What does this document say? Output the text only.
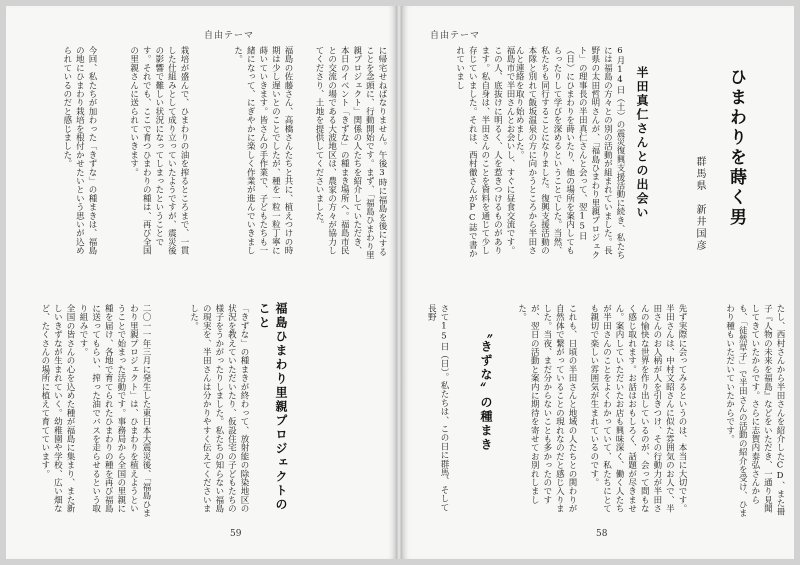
自由テーマ
に帰宅せねばなりません。午後3時に福島を後にすることを念頭に、行動開始です。まず、「福島ひまわり里親プロジェクト」関係の人たちを紹介していただき、本日のイベント「きずな」の種まき場所へ。福島市民との交流の場である大波地区は、農家の方々が協力してくださり、土地を提供してくださいました。
福島の佐藤さん、高橋さんたちと共に、植えつけの時期は少し遅いとのことでしたが、種を一粒一粒丁寧に蒔いていきます。皆さんの手作業で、子どもたちも一緒になって、にぎやかに楽しく作業が進んでいきました。
栽培が盛んで、ひまわりの油を搾るところまで、一貫した仕組みとして成り立っていたようですが、震災後の影響で難しい状況になってしまったということです。それでも、ここで育つひまわりの種は、再び全国の里親さんに送られていきます。
今回、私たちが加わった「きずな」の種まきは、福島の地にひまわり栽培を根付かせたいという思いが込められているのだと感じました。
福島ひまわり里親プロジェクトのこと
「きずな」の種まきが終わって、放射能の除染地区の状況を教えていただいたり、仮設住宅の子どもたちの様子をうかがったりしました。私たちの知らない福島の現実を、半田さんは分かりやすく伝えてくださいました。
二〇一一年三月に発生した東日本大震災後、「福島ひまわり里親プロジェクト」は、ひまわりを植えようということで始まった活動です。事務局から全国の里親に種を届け、各地で育てられたひまわりの種を再び福島に送ってもらい、搾った油でバスを走らせるという取り組みです。
全国の皆さんの心を込めた種が福島に集まり、また新しいきずなが生まれていく。幼稚園や学校、広い畑など、たくさんの場所に植えて育てています。
59
自由テーマ
ひまわりを蒔く男
群馬県　新井国彦
半田真仁さんとの出会い
6月14日（土）の震災復興支援活動に続き、私たちには福島の方々との別の活動が組まれていました。長野県の太田哲明さんが、「福島ひまわり里親プロジェクト」の理事長の半田真仁さんと会って、翌15日（日）にひまわりを蒔いたり、他の場所を案内してもらったりして学びを深めるということでした。当然、私たちも同行することになりました。復興支援活動の本隊と別れて飯坂温泉の方に向かうところから半田さんと連絡を取り始めました。
福島市で半田さんとお会いし、すぐに昼食交流です。この人、底抜けに明るく、人を惹きつけるものがあります。私自身は、半田さんのことを資料を通じて少し存じていました。それは、西村徹さんがPC誌で書かれていまし
たし、西村さんから半田さんを紹介したCD、また冊子『人物の未来を福島』などをいただき、一通り見聞してきていたからです。さらに志賀内泰弘さんからも、「徒然草子」で半田さんの活動の紹介を受け、ひまわり種もいただいていたからです。
先ず実際に会ってみるというのは、本当に大切です。半田さんは、中村文昭さんに似た雰囲気のお人で、半田さんのお人柄が人を引きつけ、その行動力が半田さんの愉快な世界を作り出しているのが、会って間もなく感じ取れます。お話はおもしろく、話題が尽きません。案内していただいたお店も興味深く、働く人たちが半田さんのことをよくわかっていて、私たちにとても親切で楽しい雰囲気が生まれているのです。
これも、日頃の半田さんと地域の人たちとの関わりが自然体で繋がっていることの現れなのだと感じ入りました。当夜、まだ分からないことも多かったのですが、翌日の活動と案内に期待を寄せてお別れしました。
〝きずな〟の種まき
さて15日（日）。私たちは、この日に群馬、そして長野
58
